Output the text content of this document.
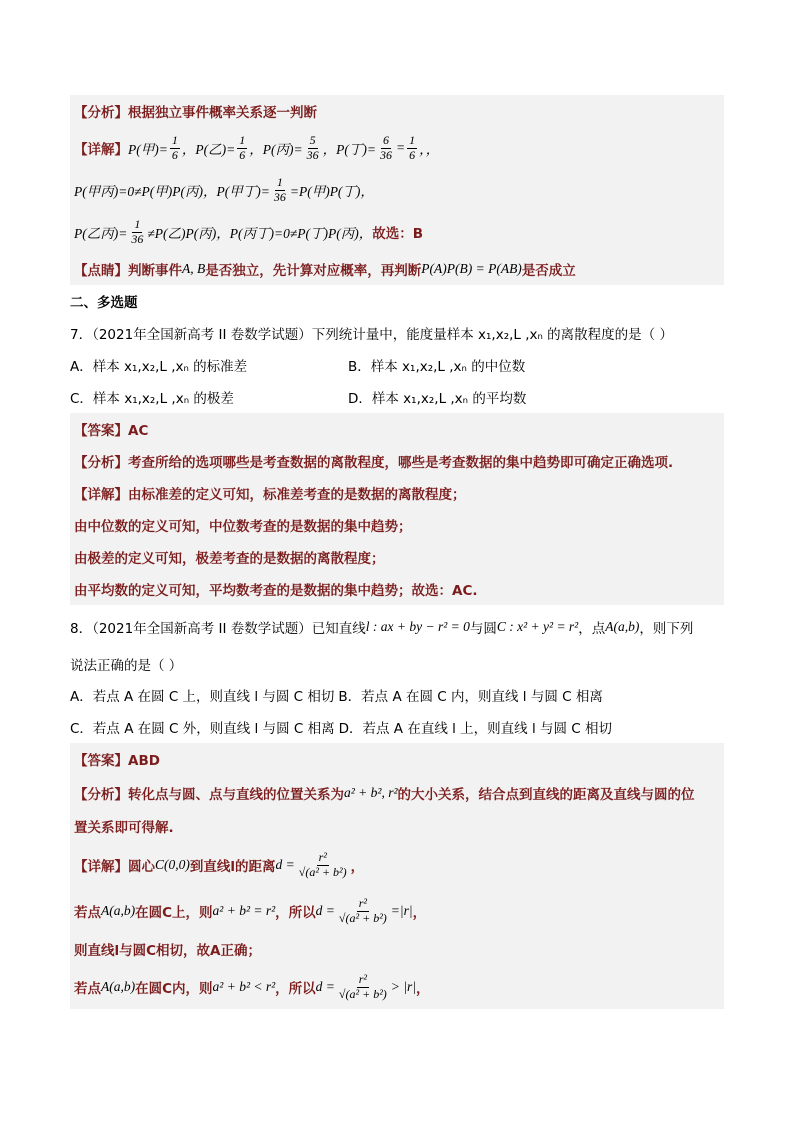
【分析】 根据独立事件概率关系逐一判断
【详解】 P(甲)= $\frac{1}{6}$ ，P(乙)= $\frac{1}{6}$ ，P(丙)= $\frac{5}{36}$ ，P(丁)= $\frac{6}{36} = \frac{1}{6}$ ，，
P(甲丙)=0≠P(甲)P(丙)，P(甲丁)= $\frac{1}{36} =P$(甲)P(丁)，
P(乙丙)= $\frac{1}{36} \ne P$(乙)P(丙)，P(丙丁)=0≠P(丁)P(丙)， 故选：B
【点睛】 判断事件 A, B 是否独立，先计算对应概率，再判断 P(A)P(B) = P(AB) 是否成立
二、多选题
7．（2021年全国新高考 II 卷数学试题）下列统计量中，能度量样本 x₁,x₂,L ,xₙ 的离散程度的是（ ）
A．样本 x₁,x₂,L ,xₙ 的标准差	B．样本 x₁,x₂,L ,xₙ 的中位数
C．样本 x₁,x₂,L ,xₙ 的极差	D．样本 x₁,x₂,L ,xₙ 的平均数
【答案】AC
【分析】考查所给的选项哪些是考查数据的离散程度，哪些是考查数据的集中趋势即可确定正确选项.
【详解】由标准差的定义可知，标准差考查的是数据的离散程度；
由中位数的定义可知，中位数考查的是数据的集中趋势；
由极差的定义可知，极差考查的是数据的离散程度；
由平均数的定义可知，平均数考查的是数据的集中趋势；故选：AC.
8．（2021年全国新高考 II 卷数学试题）已知直线 l : ax + by − r² = 0 与圆 C : x² + y² = r² ，点 A(a,b) ，则下列
说法正确的是（ ）
A．若点 A 在圆 C 上，则直线 l 与圆 C 相切 B．若点 A 在圆 C 内，则直线 l 与圆 C 相离
C．若点 A 在圆 C 外，则直线 l 与圆 C 相离 D．若点 A 在直线 l 上，则直线 l 与圆 C 相切
【答案】ABD
【分析】转化点与圆、点与直线的位置关系为 a² + b², r² 的大小关系，结合点到直线的距离及直线与圆的位
置关系即可得解.
【详解】圆心 C(0,0) 到直线l的距离 $d = \frac{\text{r²}}{\text{√(a² + b²)}}$ ，
若点 A(a,b) 在圆C上，则 a² + b² = r² ，所以 $d = \frac{\text{r²}}{\text{√(a² + b²)}} =|r|$ ，
则直线l与圆C相切，故A正确；
若点 A(a,b) 在圆C内，则 a² + b² < r² ，所以 $d = \frac{\text{r²}}{\text{√(a² + b²)}} > |r|$ ，
